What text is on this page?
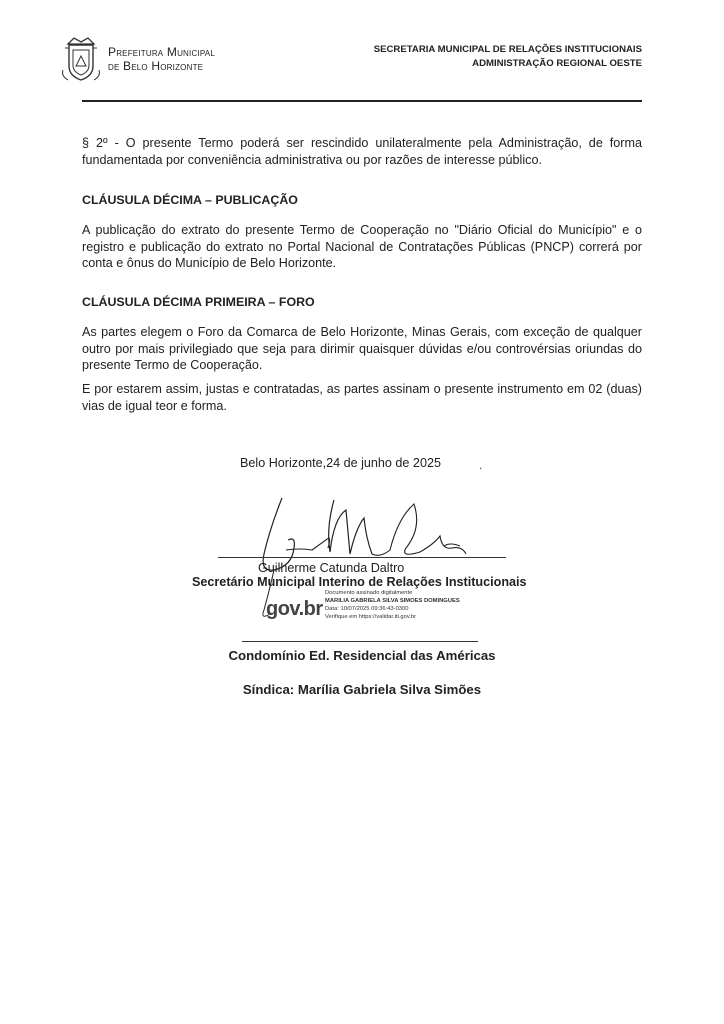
Prefeitura Municipal
de Belo Horizonte
SECRETARIA MUNICIPAL DE RELAÇÕES INSTITUCIONAIS
ADMINISTRAÇÃO REGIONAL OESTE
§ 2º - O presente Termo poderá ser rescindido unilateralmente pela Administração, de forma fundamentada por conveniência administrativa ou por razões de interesse público.
CLÁUSULA DÉCIMA – PUBLICAÇÃO
A publicação do extrato do presente Termo de Cooperação no "Diário Oficial do Município" e o registro e publicação do extrato no Portal Nacional de Contratações Públicas (PNCP) correrá por conta e ônus do Município de Belo Horizonte.
CLÁUSULA DÉCIMA PRIMEIRA – FORO
As partes elegem o Foro da Comarca de Belo Horizonte, Minas Gerais, com exceção de qualquer outro por mais privilegiado que seja para dirimir quaisquer dúvidas e/ou controvérsias oriundas do presente Termo de Cooperação.
E por estarem assim, justas e contratadas, as partes assinam o presente instrumento em 02 (duas) vias de igual teor e forma.
Belo Horizonte,24 de junho de 2025	.
Guilherme Catunda Daltro
Secretário Municipal Interino de Relações Institucionais
gov.br
Documento assinado digitalmente
MARILIA GABRIELA SILVA SIMOES DOMINGUES
Data: 10/07/2025 09:36:43-0300
Verifique em https://validar.iti.gov.br
Condomínio Ed. Residencial das Américas
Síndica: Marília Gabriela Silva Simões
